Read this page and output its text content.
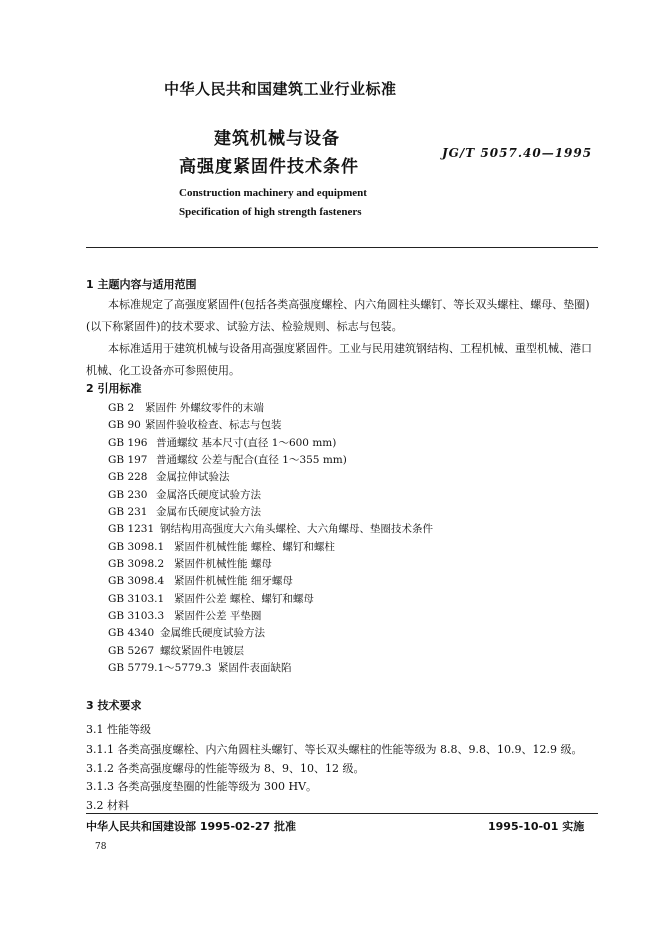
中华人民共和国建筑工业行业标准
建筑机械与设备
高强度紧固件技术条件
JG/T 5057.40—1995
Construction machinery and equipment
Specification of high strength fasteners
1 主题内容与适用范围
本标准规定了高强度紧固件(包括各类高强度螺栓、内六角圆柱头螺钉、等长双头螺柱、螺母、垫圈)(以下称紧固件)的技术要求、试验方法、检验规则、标志与包装。
本标准适用于建筑机械与设备用高强度紧固件。工业与民用建筑钢结构、工程机械、重型机械、港口机械、化工设备亦可参照使用。
2 引用标准
GB 2 紧固件 外螺纹零件的末端
GB 90 紧固件验收检查、标志与包装
GB 196 普通螺纹 基本尺寸(直径 1～600 mm)
GB 197 普通螺纹 公差与配合(直径 1～355 mm)
GB 228 金属拉伸试验法
GB 230 金属洛氏硬度试验方法
GB 231 金属布氏硬度试验方法
GB 1231 钢结构用高强度大六角头螺栓、大六角螺母、垫圈技术条件
GB 3098.1 紧固件机械性能 螺栓、螺钉和螺柱
GB 3098.2 紧固件机械性能 螺母
GB 3098.4 紧固件机械性能 细牙螺母
GB 3103.1 紧固件公差 螺栓、螺钉和螺母
GB 3103.3 紧固件公差 平垫圈
GB 4340 金属维氏硬度试验方法
GB 5267 螺纹紧固件电镀层
GB 5779.1～5779.3 紧固件表面缺陷
3 技术要求
3.1 性能等级
3.1.1 各类高强度螺栓、内六角圆柱头螺钉、等长双头螺柱的性能等级为 8.8、9.8、10.9、12.9 级。
3.1.2 各类高强度螺母的性能等级为 8、9、10、12 级。
3.1.3 各类高强度垫圈的性能等级为 300 HV。
3.2 材料
中华人民共和国建设部 1995-02-27 批准	1995-10-01 实施
78
